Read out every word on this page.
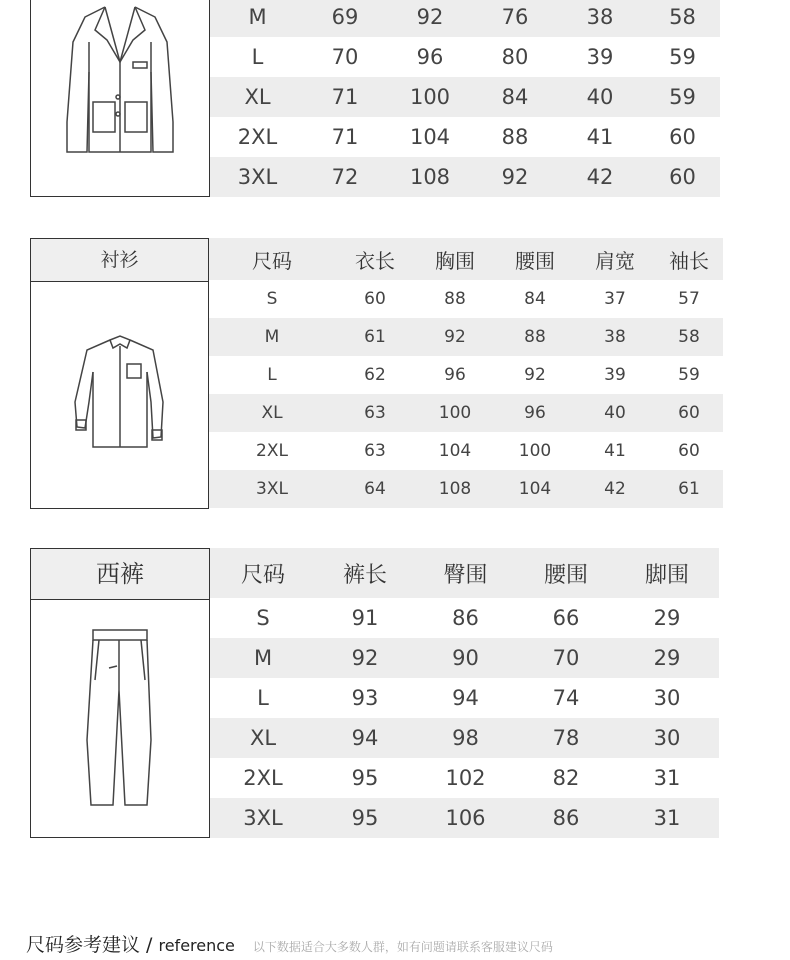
M	69	92	76	38	58
L	70	96	80	39	59
XL	71	100	84	40	59
2XL	71	104	88	41	60
3XL	72	108	92	42	60
衬衫	尺码	衣长	胸围	腰围	肩宽	袖长
S	60	88	84	37	57
M	61	92	88	38	58
L	62	96	92	39	59
XL	63	100	96	40	60
2XL	63	104	100	41	60
3XL	64	108	104	42	61
西裤	尺码	裤长	臀围	腰围	脚围
S	91	86	66	29
M	92	90	70	29
L	93	94	74	30
XL	94	98	78	30
2XL	95	102	82	31
3XL	95	106	86	31
尺码参考建议 / reference 以下数据适合大多数人群，如有问题请联系客服建议尺码
